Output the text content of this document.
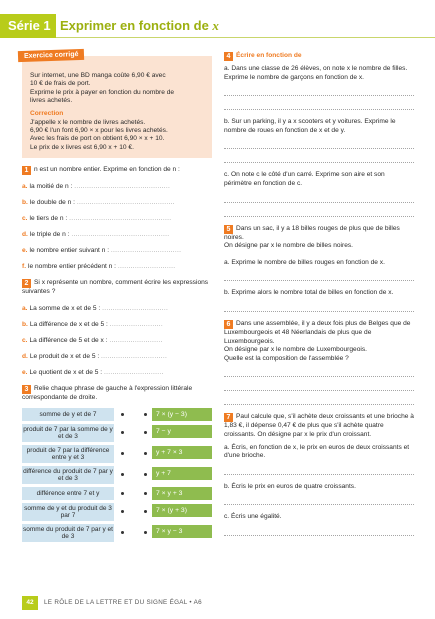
Série 1 Exprimer en fonction de x
Exercice corrigé

Sur internet, une BD manga coûte 6,90 € avec

10 € de frais de port.

Exprime le prix à payer en fonction du nombre de

livres achetés.

Correction

J'appelle x le nombre de livres achetés.

6,90 € l'un font 6,90 × x pour les livres achetés.

Avec les frais de port on obtient 6,90 × x + 10.

Le prix de x livres est 6,90 x + 10 €.

1 n est un nombre entier. Exprime en fonction de n :
a. la moitié de n : .............................................
b. le double de n : ..............................................
c. le tiers de n : ................................................
d. le triple de n : ..............................................
e. le nombre entier suivant n : .................................
f. le nombre entier précédent n : ...........................
2 Si x représente un nombre, comment écrire les expressions suivantes ?
a. La somme de x et de 5 : ...............................
b. La différence de x et de 5 : .........................
c. La différence de 5 et de x : .........................
d. Le produit de x et de 5 : ...............................
e. Le quotient de x et de 5 : ............................
3 Relie chaque phrase de gauche à l'expression littérale correspondante de droite.
somme de y et de 7
produit de 7 par la somme de y et de 3
produit de 7 par la différence entre y et 3
différence du produit de 7 par y et de 3
différence entre 7 et y
somme de y et du produit de 3 par 7
somme du produit de 7 par y et de 3
7 × (y − 3)
7 − y
y + 7 × 3
y + 7
7 × y + 3
7 × (y + 3)
7 × y − 3
4 Écrire en fonction de
a. Dans une classe de 26 élèves, on note x le nombre de filles. Exprime le nombre de garçons en fonction de x.
b. Sur un parking, il y a x scooters et y voitures. Exprime le nombre de roues en fonction de x et de y.
c. On note c le côté d'un carré. Exprime son aire et son périmètre en fonction de c.
5 Dans un sac, il y a 18 billes rouges de plus que de billes noires.
On désigne par x le nombre de billes noires.
a. Exprime le nombre de billes rouges en fonction de x.
b. Exprime alors le nombre total de billes en fonction de x.
6 Dans une assemblée, il y a deux fois plus de Belges que de Luxembourgeois et 48 Néerlandais de plus que de Luxembourgeois.
On désigne par x le nombre de Luxembourgeois.
Quelle est la composition de l'assemblée ?
7 Paul calcule que, s'il achète deux croissants et une brioche à 1,83 €, il dépense 0,47 € de plus que s'il achète quatre croissants. On désigne par x le prix d'un croissant.
a. Écris, en fonction de x, le prix en euros de deux croissants et d'une brioche.
b. Écris le prix en euros de quatre croissants.
c. Écris une égalité.
42	LE RÔLE DE LA LETTRE ET DU SIGNE ÉGAL • A6
